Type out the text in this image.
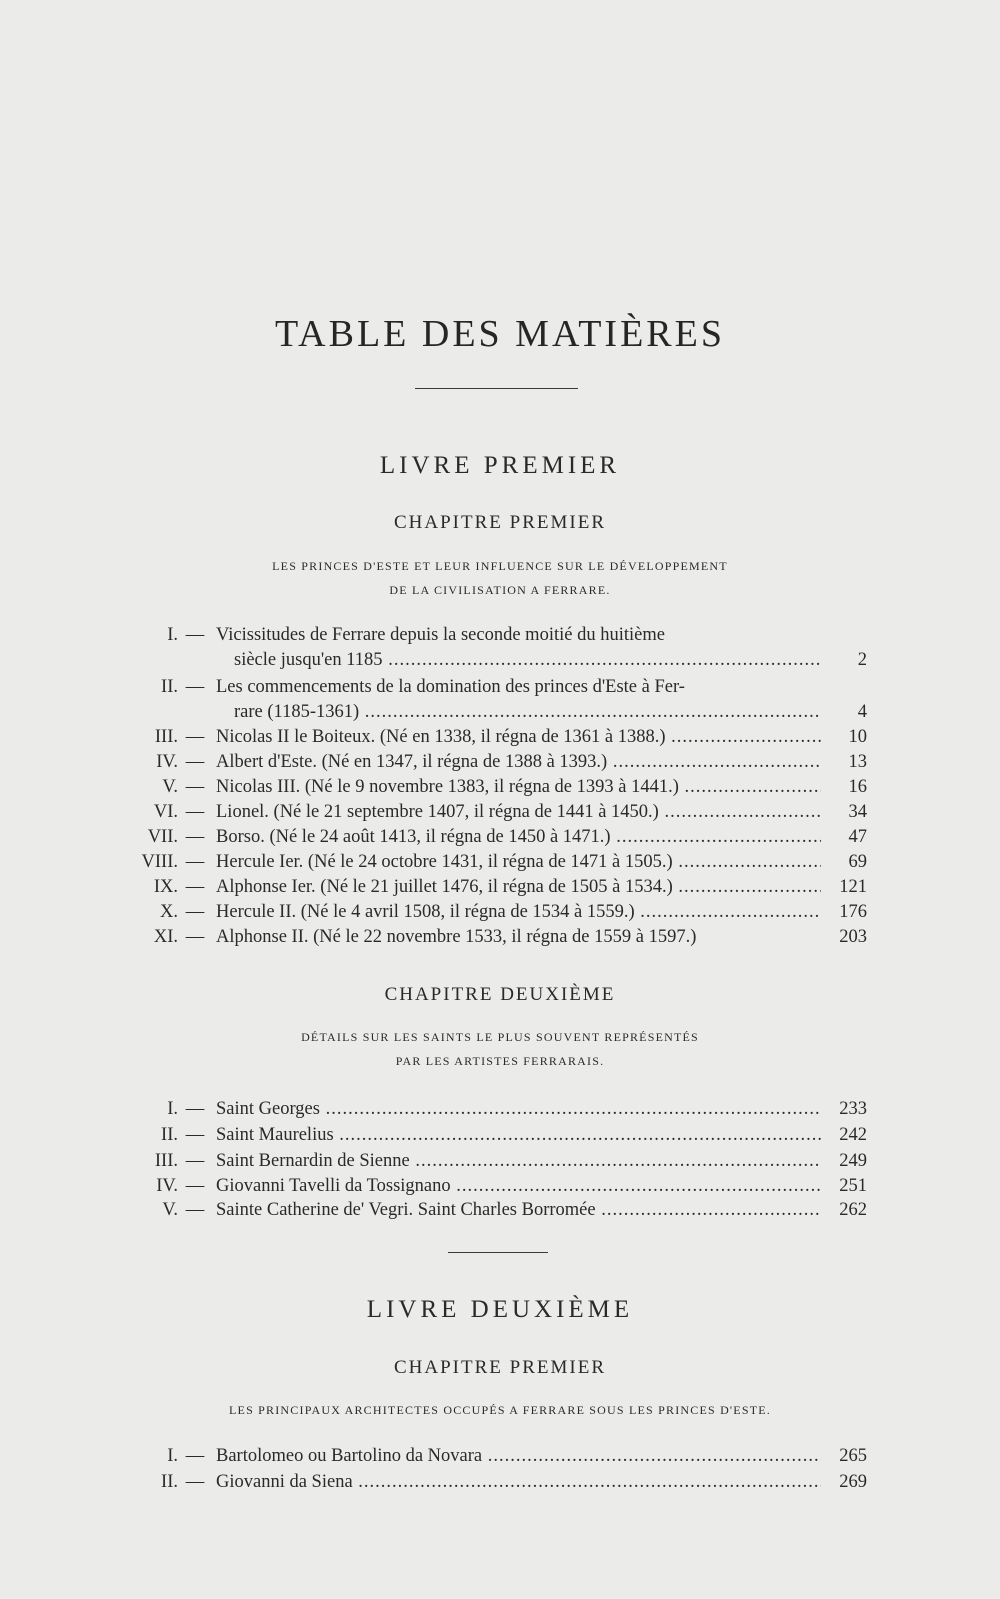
TABLE DES MATIÈRES
LIVRE PREMIER
CHAPITRE PREMIER
LES PRINCES D'ESTE ET LEUR INFLUENCE SUR LE DÉVELOPPEMENT
DE LA CIVILISATION A FERRARE.
I. — Vicissitudes de Ferrare depuis la seconde moitié du huitième
siècle jusqu'en 1185 .....	2
II. — Les commencements de la domination des princes d'Este à Fer-
rare (1185-1361) .....	4
III. — Nicolas II le Boiteux. (Né en 1338, il régna de 1361 à 1388.) .....	10
IV. — Albert d'Este. (Né en 1347, il régna de 1388 à 1393.) .....	13
V. — Nicolas III. (Né le 9 novembre 1383, il régna de 1393 à 1441.) .....	16
VI. — Lionel. (Né le 21 septembre 1407, il régna de 1441 à 1450.) .....	34
VII. — Borso. (Né le 24 août 1413, il régna de 1450 à 1471.) .....	47
VIII. — Hercule Ier. (Né le 24 octobre 1431, il régna de 1471 à 1505.) .....	69
IX. — Alphonse Ier. (Né le 21 juillet 1476, il régna de 1505 à 1534.) .....	121
X. — Hercule II. (Né le 4 avril 1508, il régna de 1534 à 1559.) .....	176
XI. — Alphonse II. (Né le 22 novembre 1533, il régna de 1559 à 1597.)	203
CHAPITRE DEUXIÈME
DÉTAILS SUR LES SAINTS LE PLUS SOUVENT REPRÉSENTÉS
PAR LES ARTISTES FERRARAIS.
I. — Saint Georges .....	233
II. — Saint Maurelius .....	242
III. — Saint Bernardin de Sienne .....	249
IV. — Giovanni Tavelli da Tossignano .....	251
V. — Sainte Catherine de' Vegri. Saint Charles Borromée .....	262
LIVRE DEUXIÈME
CHAPITRE PREMIER
LES PRINCIPAUX ARCHITECTES OCCUPÉS A FERRARE SOUS LES PRINCES D'ESTE.
I. — Bartolomeo ou Bartolino da Novara .....	265
II. — Giovanni da Siena .....	269
